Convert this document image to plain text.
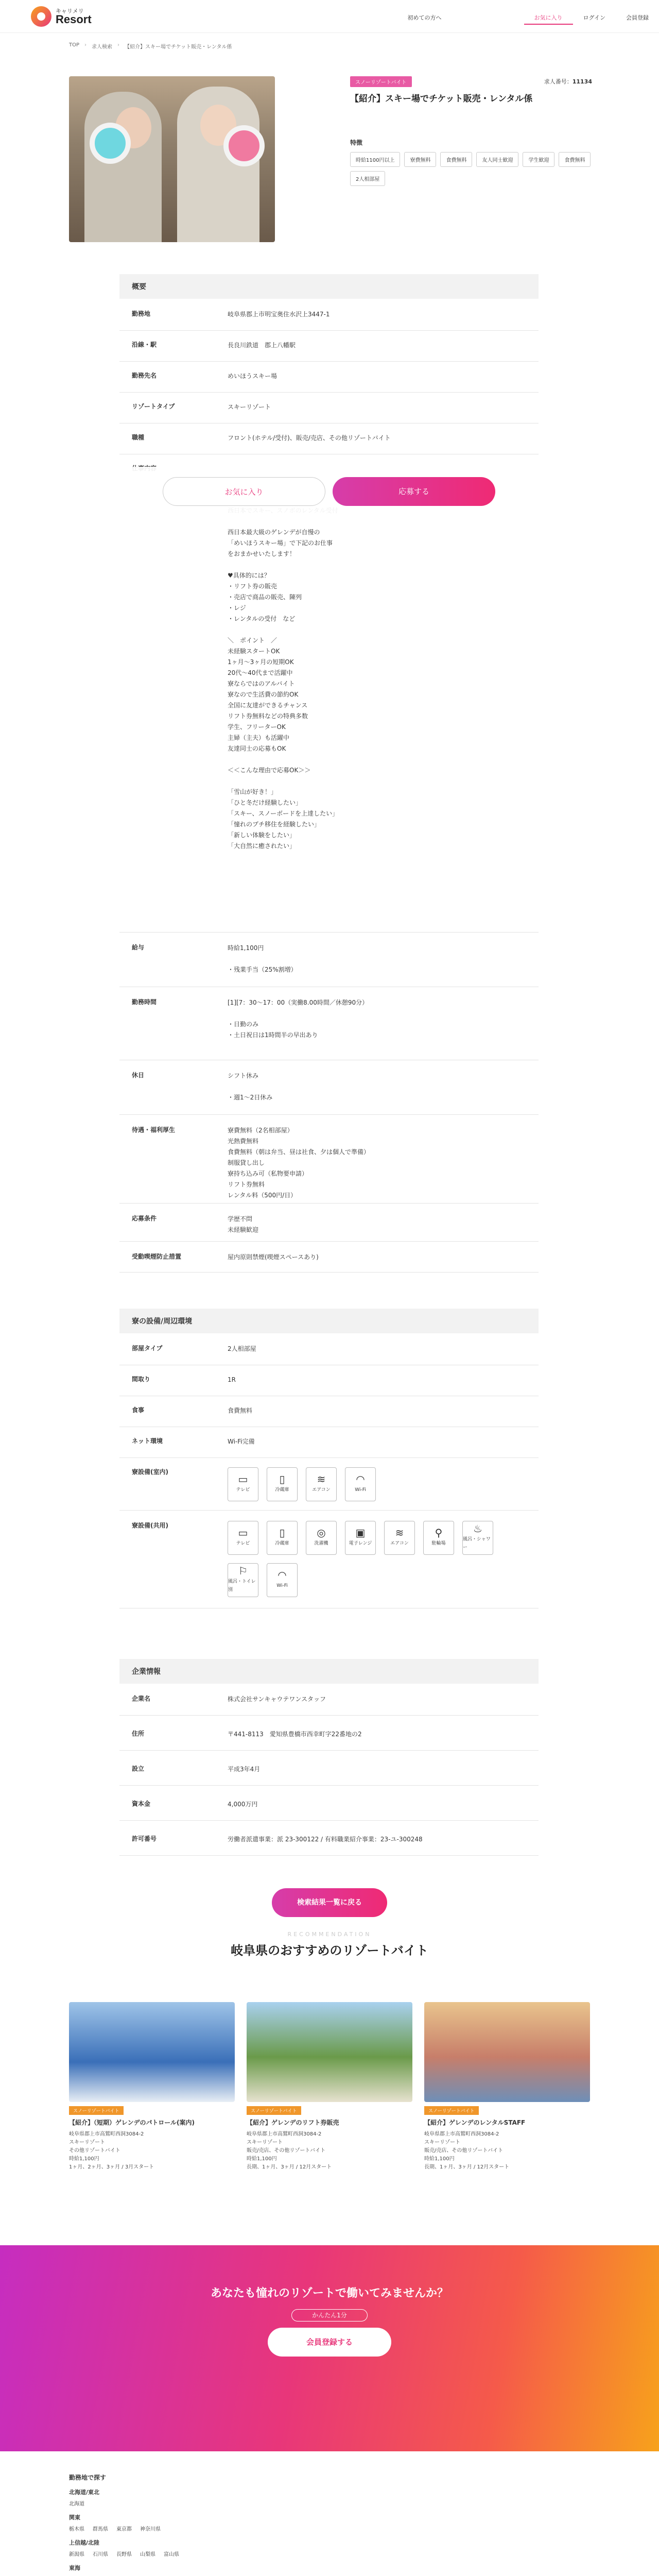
キャリメリ
Resort	初めての方へ	お気に入り	ログイン	会員登録
TOP › 求人検索 › 【紹介】スキー場でチケット販売・レンタル係
スノーリゾートバイト	求人番号：11134
【紹介】スキー場でチケット販売・レンタル係
特徴
時給1100円以上	寮費無料	食費無料	友人同士歓迎	学生歓迎	食費無料
2人相部屋
概要
勤務地	岐阜県郡上市明宝奥住水沢上3447-1
沿線・駅	長良川鉄道　郡上八幡駅
勤務先名	めいほうスキー場
リゾートタイプ	スキーリゾート
職種	フロント(ホテル/受付)、販売/売店、その他リゾートバイト

西日本最大級のゲレンデが自慢の
「めいほうスキー場」で下記のお仕事
をおまかせいたします！

♥具体的には？
・リフト券の販売
・売店で商品の販売、陳列
・レジ
・レンタルの受付　など

＼　ポイント　／
未経験スタートOK
1ヶ月〜3ヶ月の短期OK
20代〜40代まで活躍中
寮ならではのアルバイト
寮なので生活費の節約OK
全国に友達ができるチャンス
リフト券無料などの特典多数
学生、フリーターOK
主婦（主夫）も活躍中
友達同士の応募もOK

＜＜こんな理由で応募OK＞＞

「雪山が好き！」
「ひと冬だけ経験したい」
「スキー、スノーボードを上達したい」
「憧れのプチ移住を経験したい」
「新しい体験をしたい」
「大自然に癒されたい」
給与	時給1,100円

・残業手当（25%割増）
勤務時間	[1][7：30〜17：00（実働8.00時間／休憩90分）

・日勤のみ
・土日祝日は1時間半の早出あり
休日	シフト休み

・週1〜2日休み
待遇・福利厚生	寮費無料（2名相部屋）
光熱費無料
食費無料（朝は弁当、昼は社食、夕は個人で準備）
制服貸し出し
寮持ち込み可（私物要申請）
リフト券無料
レンタル料（500円/日）
応募条件	学歴不問
未経験歓迎
受動喫煙防止措置	屋内原則禁煙(喫煙スペースあり)
お気に入り	応募する
寮の設備/周辺環境
部屋タイプ	2人相部屋
間取り	1R
食事	食費無料
ネット環境	Wi-Fi完備
寮設備(室内)
▭
テレビ
▯
冷蔵庫
≋
エアコン
◠
Wi-Fi
寮設備(共用)
▭
テレビ
▯
冷蔵庫
◎
洗濯機
▣
電子レンジ
≋
エアコン
⚲
駐輪場
♨
風呂・シャワー
⚐
風呂・トイレ別
◠
Wi-Fi
企業情報
企業名	株式会社サンキャウテワンスタッフ
住所	〒441-8113　愛知県豊橋市西幸町字22番地の2
設立	平成3年4月
資本金	4,000万円
許可番号	労働者派遣事業：派 23-300122 / 有料職業紹介事業：23-ユ-300248
検索結果一覧に戻る
RECOMMENDATION
岐阜県のおすすめのリゾートバイト
スノーリゾートバイト
【紹介】（短期）ゲレンデのパトロール(案内)
岐阜県郡上市高鷲町西洞3084-2
スキーリゾート
その他リゾートバイト
時給1,100円
1ヶ月、2ヶ月、3ヶ月 / 3月スタート
スノーリゾートバイト
【紹介】ゲレンデのリフト券販売
岐阜県郡上市高鷲町西洞3084-2
スキーリゾート
販売/売店、その他リゾートバイト
時給1,100円
長期、1ヶ月、3ヶ月 / 12月スタート
スノーリゾートバイト
【紹介】ゲレンデのレンタルSTAFF
岐阜県郡上市高鷲町西洞3084-2
スキーリゾート
販売/売店、その他リゾートバイト
時給1,100円
長期、1ヶ月、3ヶ月 / 12月スタート
あなたも憧れのリゾートで働いてみませんか？
かんたん1分
会員登録する
勤務地で探す
北海道/東北
北海道
関東
栃木県 群馬県 東京都 神奈川県
上信越/北陸
新潟県 石川県 長野県 山梨県 富山県
東海
